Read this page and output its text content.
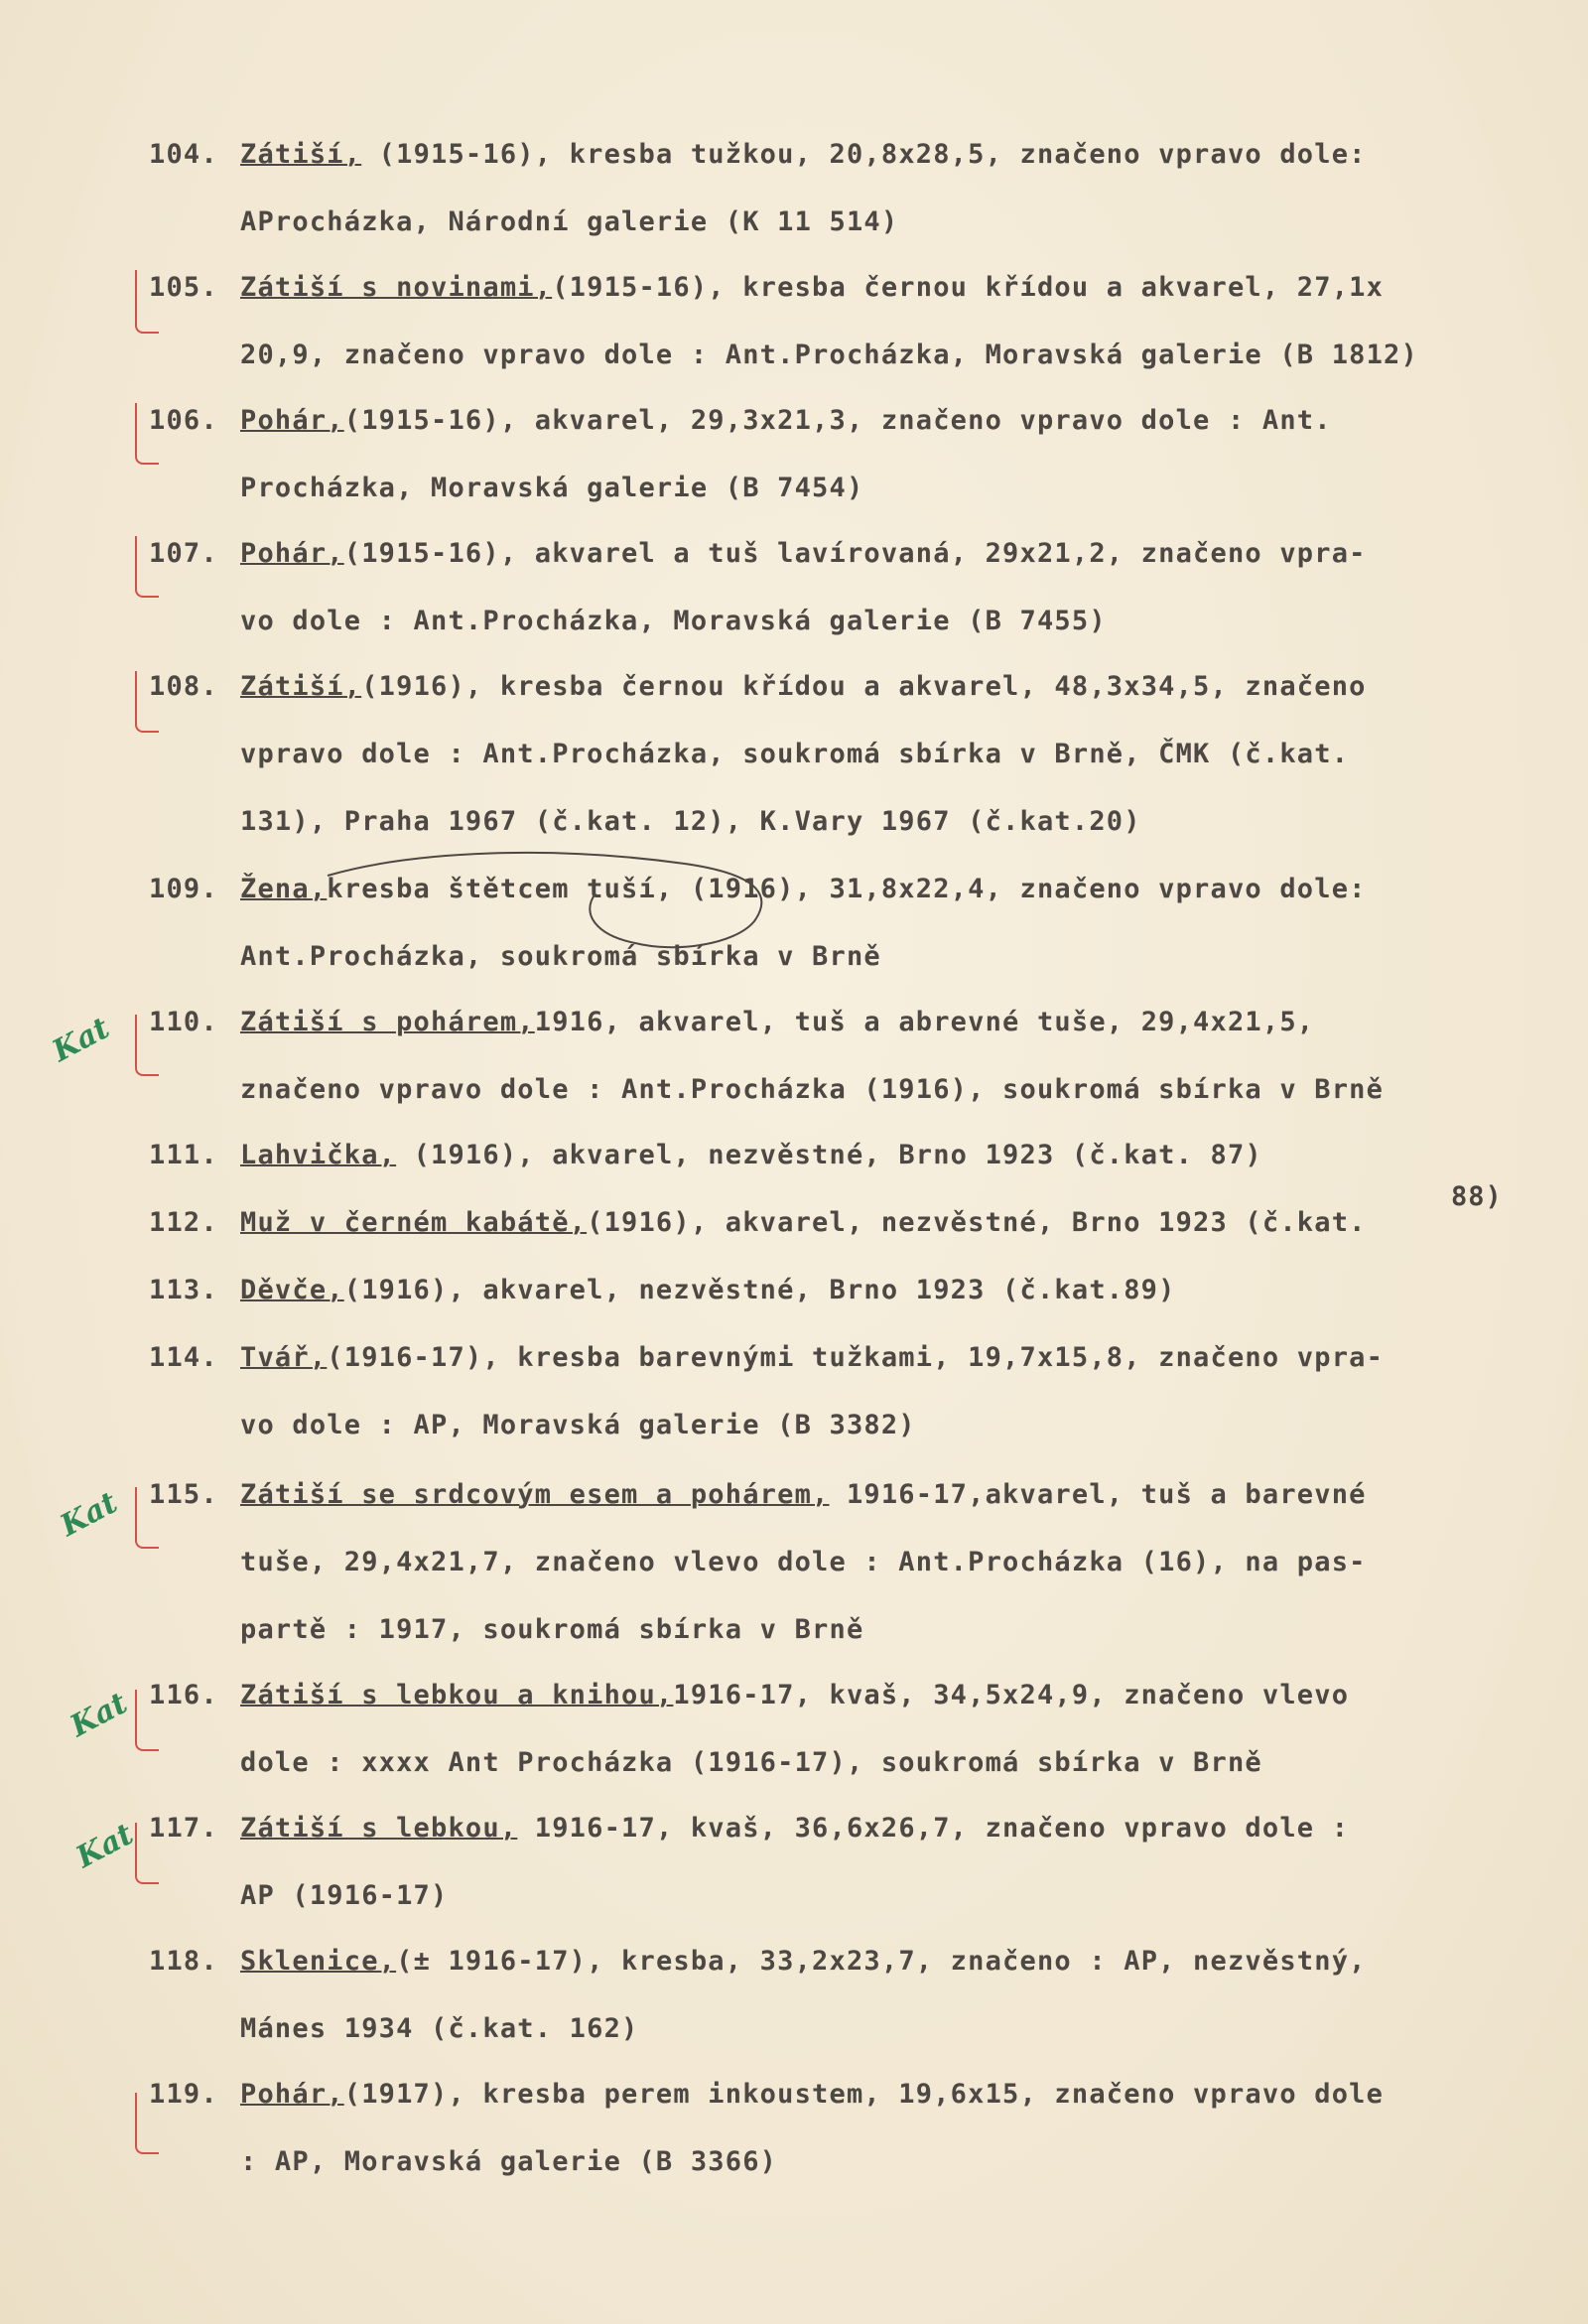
104. Zátiší, (1915-16), kresba tužkou, 20,8x28,5, značeno vpravo dole:
AProcházka, Národní galerie (K 11 514)
105. Zátiší s novinami,(1915-16), kresba černou křídou a akvarel, 27,1x
20,9, značeno vpravo dole : Ant.Procházka, Moravská galerie (B 1812)
106. Pohár,(1915-16), akvarel, 29,3x21,3, značeno vpravo dole : Ant.
Procházka, Moravská galerie (B 7454)
107. Pohár,(1915-16), akvarel a tuš lavírovaná, 29x21,2, značeno vpra-
vo dole : Ant.Procházka, Moravská galerie (B 7455)
108. Zátiší,(1916), kresba černou křídou a akvarel, 48,3x34,5, značeno
vpravo dole : Ant.Procházka, soukromá sbírka v Brně, ČMK (č.kat.
131), Praha 1967 (č.kat. 12), K.Vary 1967 (č.kat.20)
109. Žena,kresba štětcem tuší, (1916), 31,8x22,4, značeno vpravo dole:
Ant.Procházka, soukromá sbírka v Brně
110. Zátiší s pohárem,1916, akvarel, tuš a abrevné tuše, 29,4x21,5,
značeno vpravo dole : Ant.Procházka (1916), soukromá sbírka v Brně
111. Lahvička, (1916), akvarel, nezvěstné, Brno 1923 (č.kat. 87)
112. Muž v černém kabátě,(1916), akvarel, nezvěstné, Brno 1923 (č.kat.
113. Děvče,(1916), akvarel, nezvěstné, Brno 1923 (č.kat.89)
114. Tvář,(1916-17), kresba barevnými tužkami, 19,7x15,8, značeno vpra-
vo dole : AP, Moravská galerie (B 3382)
115. Zátiší se srdcovým esem a pohárem, 1916-17,akvarel, tuš a barevné
tuše, 29,4x21,7, značeno vlevo dole : Ant.Procházka (16), na pas-
partě : 1917, soukromá sbírka v Brně
116. Zátiší s lebkou a knihou,1916-17, kvaš, 34,5x24,9, značeno vlevo
dole : xxxx Ant Procházka (1916-17), soukromá sbírka v Brně
117. Zátiší s lebkou, 1916-17, kvaš, 36,6x26,7, značeno vpravo dole :
AP (1916-17)
118. Sklenice,(± 1916-17), kresba, 33,2x23,7, značeno : AP, nezvěstný,
Mánes 1934 (č.kat. 162)
119. Pohár,(1917), kresba perem inkoustem, 19,6x15, značeno vpravo dole
: AP, Moravská galerie (B 3366)
Kat
Kat
Kat
Kat
88)
